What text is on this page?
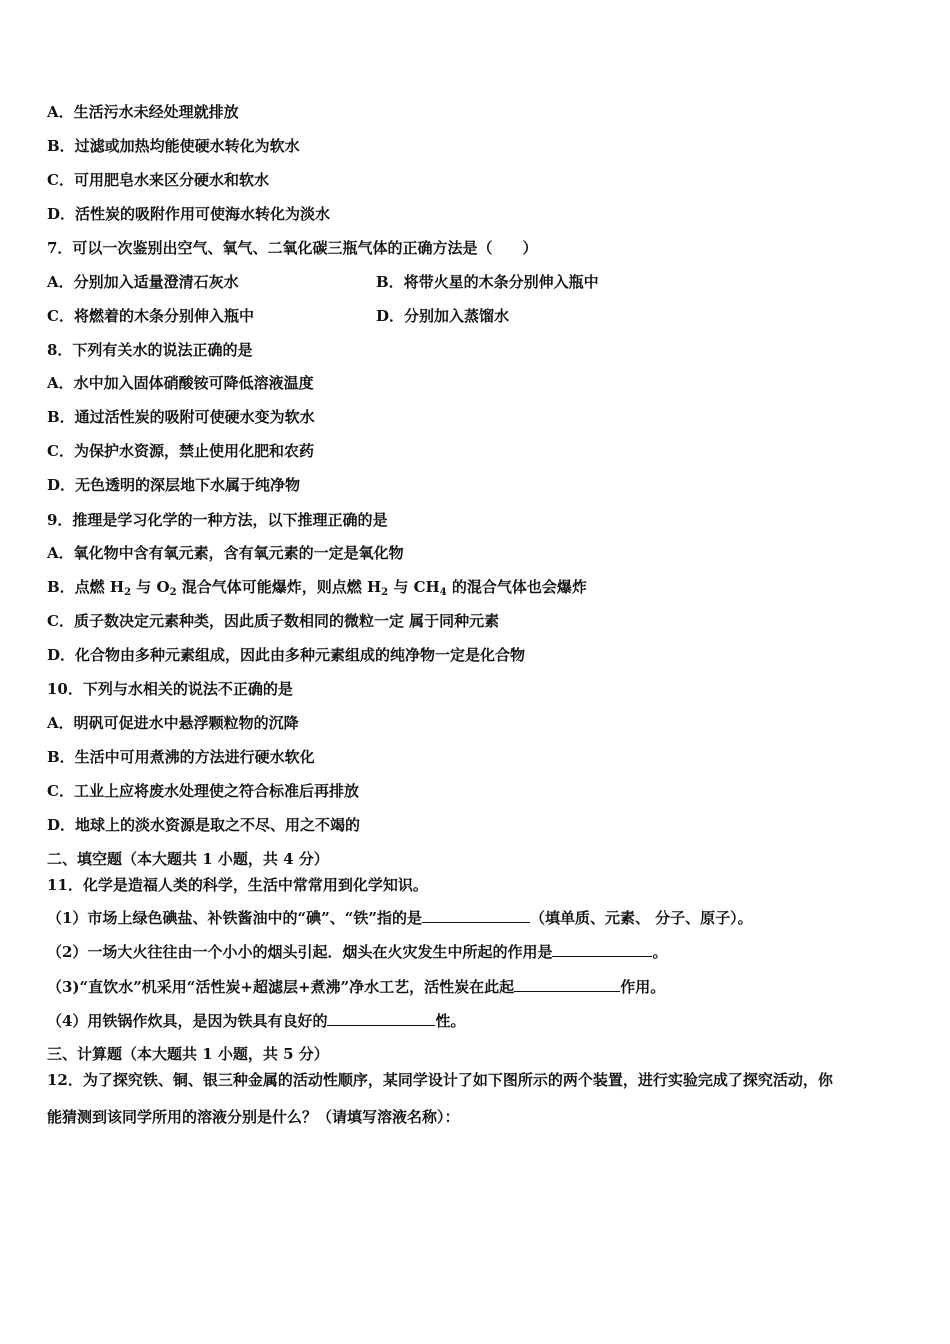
A．生活污水未经处理就排放
B．过滤或加热均能使硬水转化为软水
C．可用肥皂水来区分硬水和软水
D．活性炭的吸附作用可使海水转化为淡水
7．可以一次鉴别出空气、氧气、二氧化碳三瓶气体的正确方法是（　　）
A．分别加入适量澄清石灰水	B．将带火星的木条分别伸入瓶中
C．将燃着的木条分别伸入瓶中	D．分别加入蒸馏水
8．下列有关水的说法正确的是
A．水中加入固体硝酸铵可降低溶液温度
B．通过活性炭的吸附可使硬水变为软水
C．为保护水资源，禁止使用化肥和农药
D．无色透明的深层地下水属于纯净物
9．推理是学习化学的一种方法，以下推理正确的是
A．氧化物中含有氧元素，含有氧元素的一定是氧化物
B．点燃 $H_2$ 与 $O_2$ 混合气体可能爆炸，则点燃 $H_2$ 与 $CH_4$ 的混合气体也会爆炸
C．质子数决定元素种类，因此质子数相同的微粒一定 属于同种元素
D．化合物由多种元素组成，因此由多种元素组成的纯净物一定是化合物
10．下列与水相关的说法不正确的是
A．明矾可促进水中悬浮颗粒物的沉降
B．生活中可用煮沸的方法进行硬水软化
C．工业上应将废水处理使之符合标准后再排放
D．地球上的淡水资源是取之不尽、用之不竭的
二、填空题（本大题共 1 小题，共 4 分）
11．化学是造福人类的科学，生活中常常用到化学知识。
（1）市场上绿色碘盐、补铁酱油中的“碘”、“铁”指的是	（填单质、元素、 分子、原子）。
（2）一场大火往往由一个小小的烟头引起．烟头在火灾发生中所起的作用是	。
（3)“直饮水”机采用“活性炭+超滤层+煮沸”净水工艺，活性炭在此起	作用。
（4）用铁锅作炊具，是因为铁具有良好的	性。
三、计算题（本大题共 1 小题，共 5 分）
12．为了探究铁、铜、银三种金属的活动性顺序，某同学设计了如下图所示的两个装置，进行实验完成了探究活动，你
能猜测到该同学所用的溶液分别是什么？（请填写溶液名称）：
